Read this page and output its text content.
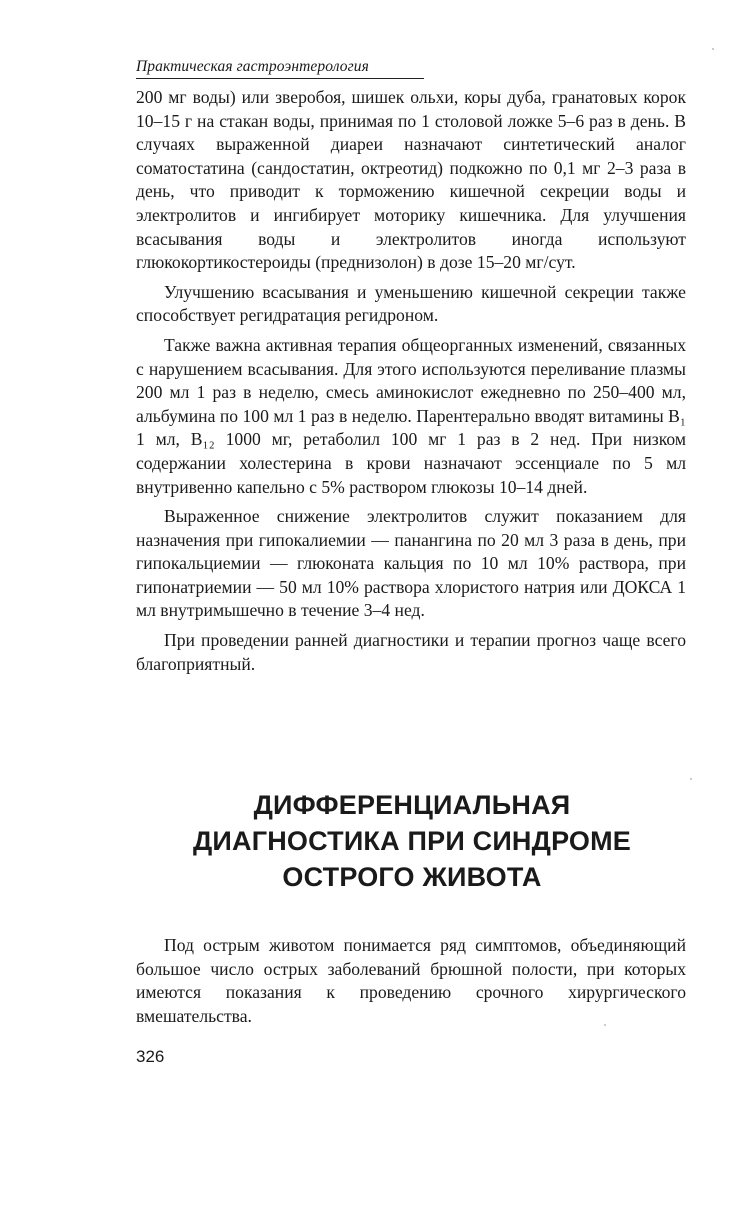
Практическая гастроэнтерология

200 мг воды) или зверобоя, шишек ольхи, коры дуба, гранатовых корок 10–15 г на стакан воды, принимая по 1 столовой ложке 5–6 раз в день. В случаях выраженной диареи назначают синтетический аналог соматостатина (сандостатин, октреотид) подкожно по 0,1 мг 2–3 раза в день, что приводит к торможению кишечной секреции воды и электролитов и ингибирует моторику кишечника. Для улучшения всасывания воды и электролитов иногда используют глюкокортикостероиды (преднизолон) в дозе 15–20 мг/сут.

Улучшению всасывания и уменьшению кишечной секреции также способствует регидратация регидроном.

Также важна активная терапия общеорганных изменений, связанных с нарушением всасывания. Для этого используются переливание плазмы 200 мл 1 раз в неделю, смесь аминокислот ежедневно по 250–400 мл, альбумина по 100 мл 1 раз в неделю. Парентерально вводят витамины B₁ 1 мл, B₁₂ 1000 мг, ретаболил 100 мг 1 раз в 2 нед. При низком содержании холестерина в крови назначают эссенциале по 5 мл внутривенно капельно с 5% раствором глюкозы 10–14 дней.

Выраженное снижение электролитов служит показанием для назначения при гипокалиемии — панангина по 20 мл 3 раза в день, при гипокальциемии — глюконата кальция по 10 мл 10% раствора, при гипонатриемии — 50 мл 10% раствора хлористого натрия или ДОКСА 1 мл внутримышечно в течение 3–4 нед.

При проведении ранней диагностики и терапии прогноз чаще всего благоприятный.

ДИФФЕРЕНЦИАЛЬНАЯ
ДИАГНОСТИКА ПРИ СИНДРОМЕ
ОСТРОГО ЖИВОТА

Под острым животом понимается ряд симптомов, объединяющий большое число острых заболеваний брюшной полости, при которых имеются показания к проведению срочного хирургического вмешательства.

326
